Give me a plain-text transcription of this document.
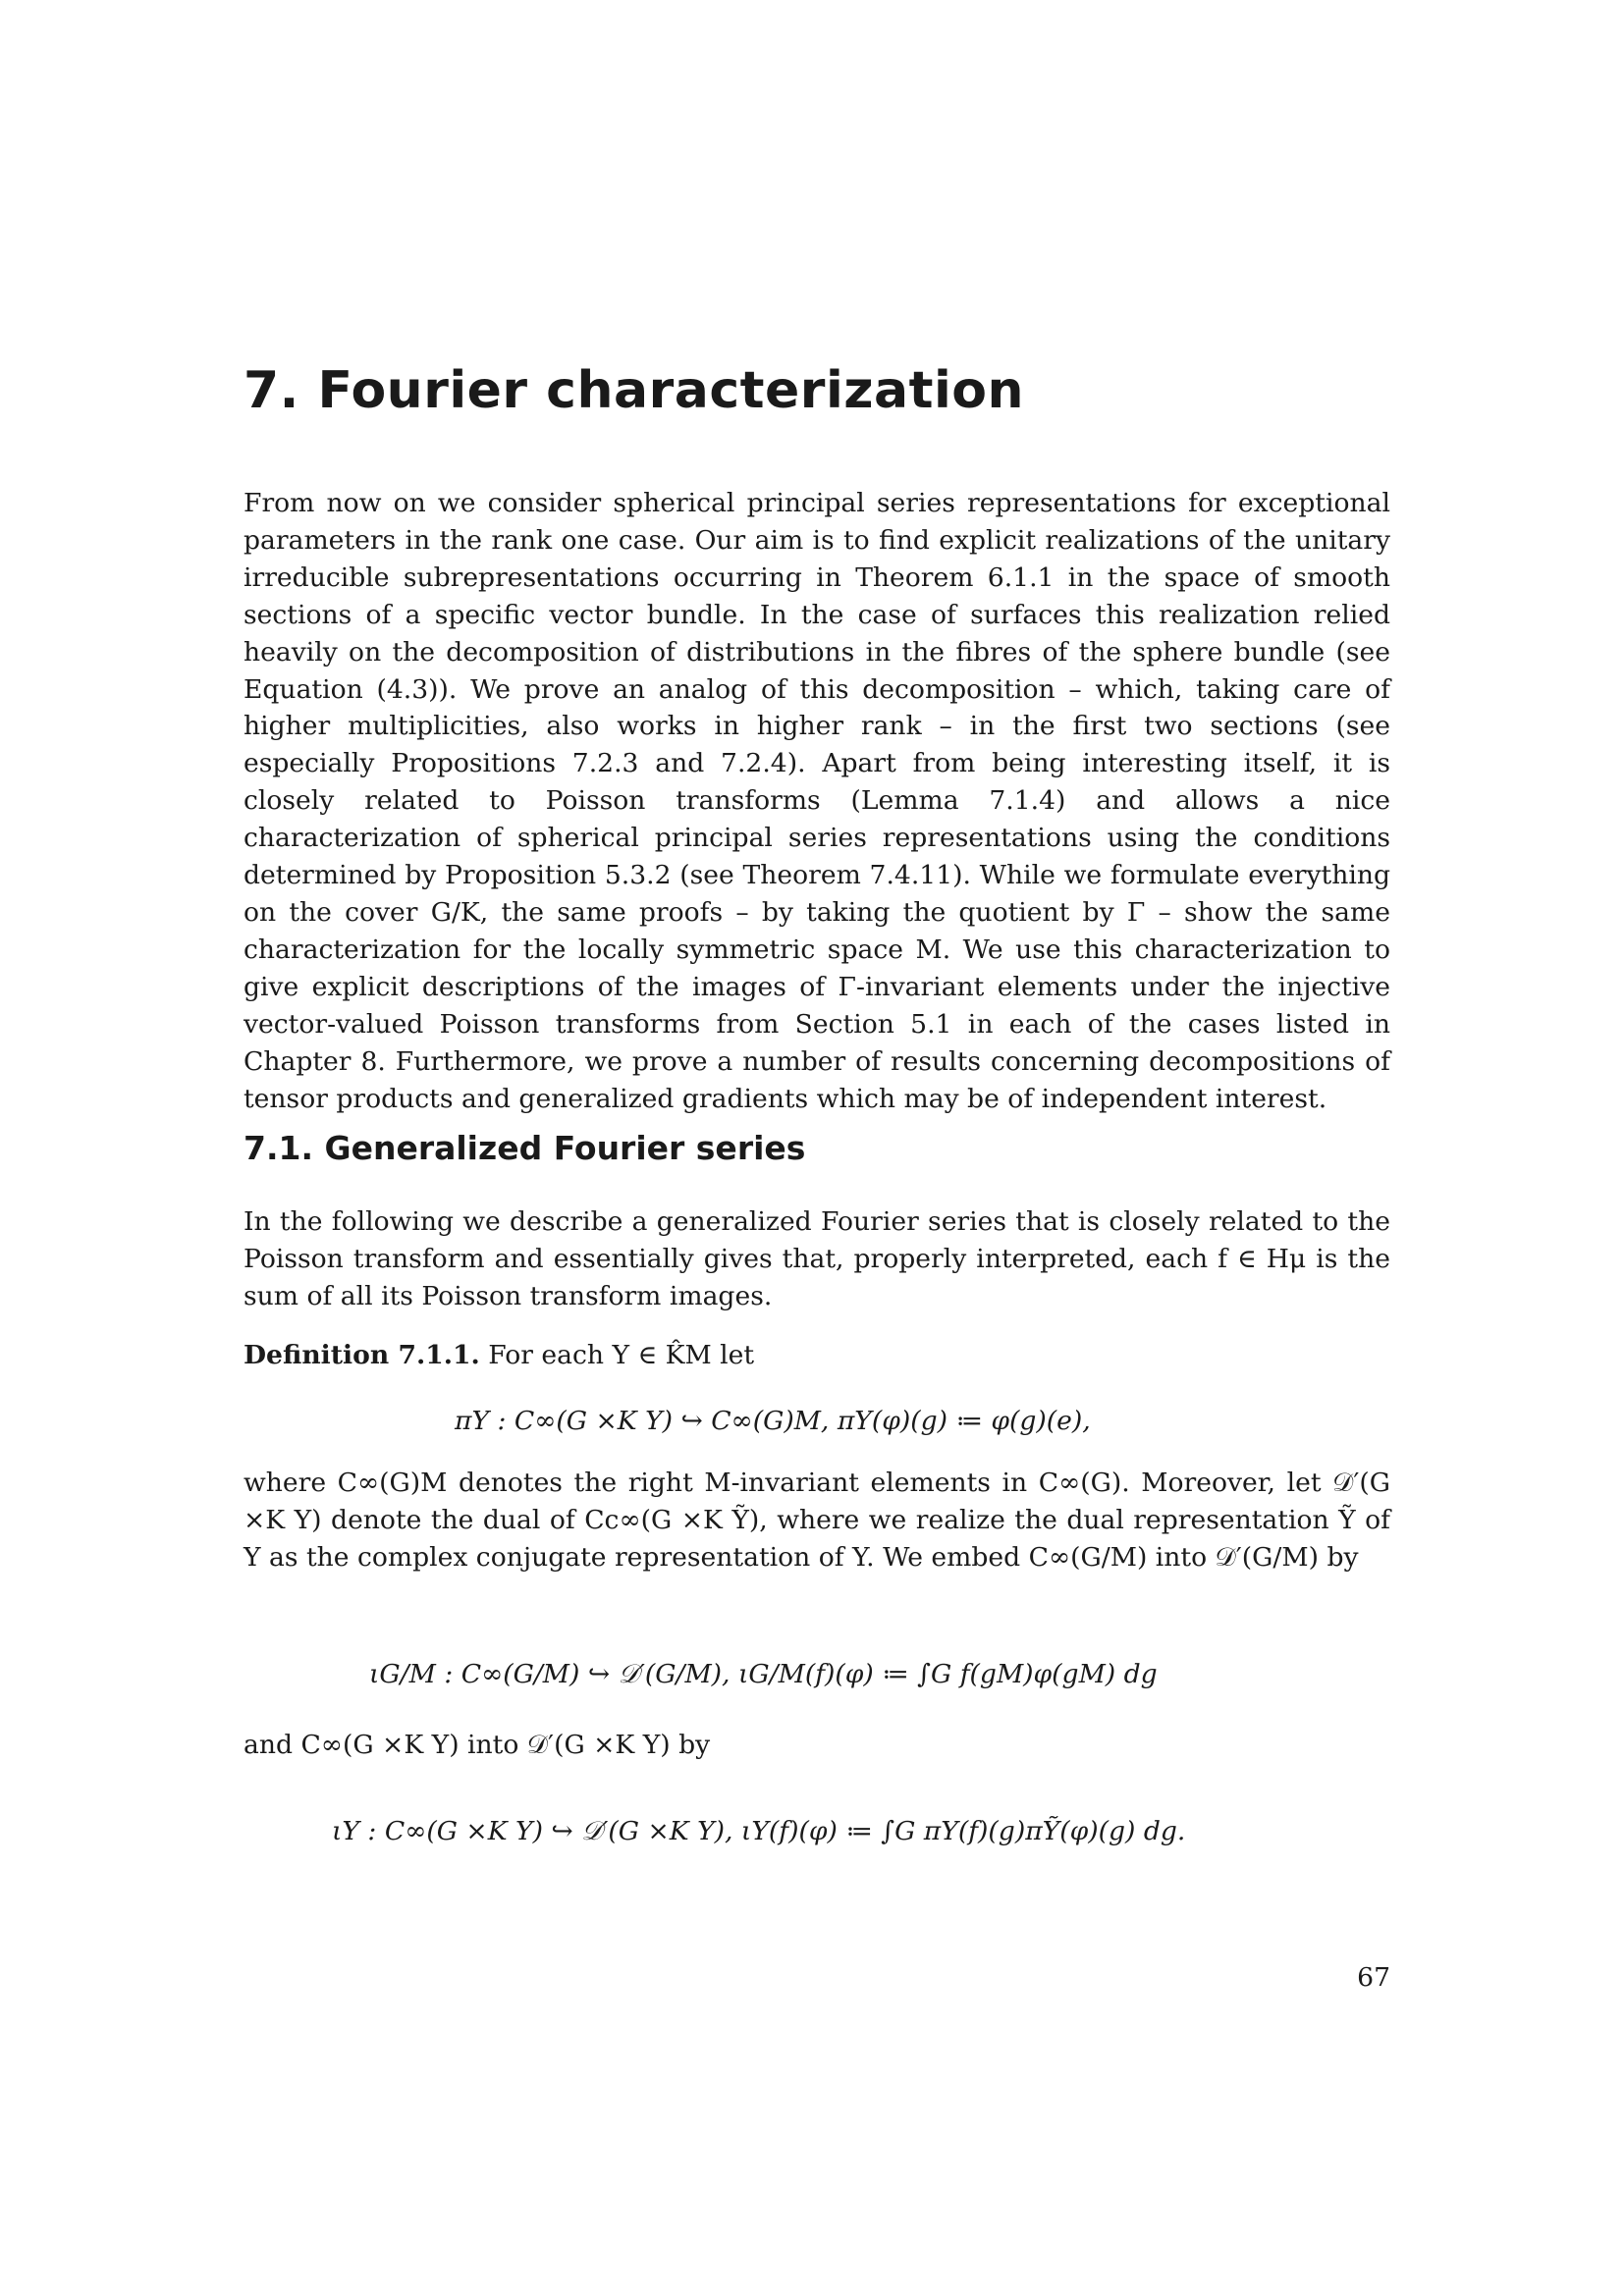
7. Fourier characterization

From now on we consider spherical principal series representations for exceptional parameters in the rank one case. Our aim is to find explicit realizations of the unitary irreducible subrepresentations occurring in Theorem 6.1.1 in the space of smooth sections of a specific vector bundle. In the case of surfaces this realization relied heavily on the decomposition of distributions in the fibres of the sphere bundle (see Equation (4.3)). We prove an analog of this decomposition – which, taking care of higher multiplicities, also works in higher rank – in the first two sections (see especially Propositions 7.2.3 and 7.2.4). Apart from being interesting itself, it is closely related to Poisson transforms (Lemma 7.1.4) and allows a nice characterization of spherical principal series representations using the conditions determined by Proposition 5.3.2 (see Theorem 7.4.11). While we formulate everything on the cover G/K, the same proofs – by taking the quotient by Γ – show the same characterization for the locally symmetric space M. We use this characterization to give explicit descriptions of the images of Γ-invariant elements under the injective vector-valued Poisson transforms from Section 5.1 in each of the cases listed in Chapter 8. Furthermore, we prove a number of results concerning decompositions of tensor products and generalized gradients which may be of independent interest.

7.1. Generalized Fourier series

In the following we describe a generalized Fourier series that is closely related to the Poisson transform and essentially gives that, properly interpreted, each f ∈ Hμ is the sum of all its Poisson transform images.

Definition 7.1.1. For each Y ∈ K̂M let

πY : C∞(G ×K Y) ↪ C∞(G)M, πY(φ)(g) ≔ φ(g)(e),

where C∞(G)M denotes the right M-invariant elements in C∞(G). Moreover, let 𝒟′(G ×K Y) denote the dual of Cc∞(G ×K Ỹ), where we realize the dual representation Ỹ of Y as the complex conjugate representation of Y. We embed C∞(G/M) into 𝒟′(G/M) by

ιG/M : C∞(G/M) ↪ 𝒟′(G/M), ιG/M(f)(φ) ≔ ∫G f(gM)φ(gM) dg

and C∞(G ×K Y) into 𝒟′(G ×K Y) by

ιY : C∞(G ×K Y) ↪ 𝒟′(G ×K Y), ιY(f)(φ) ≔ ∫G πY(f)(g)πỸ(φ)(g) dg.

67
